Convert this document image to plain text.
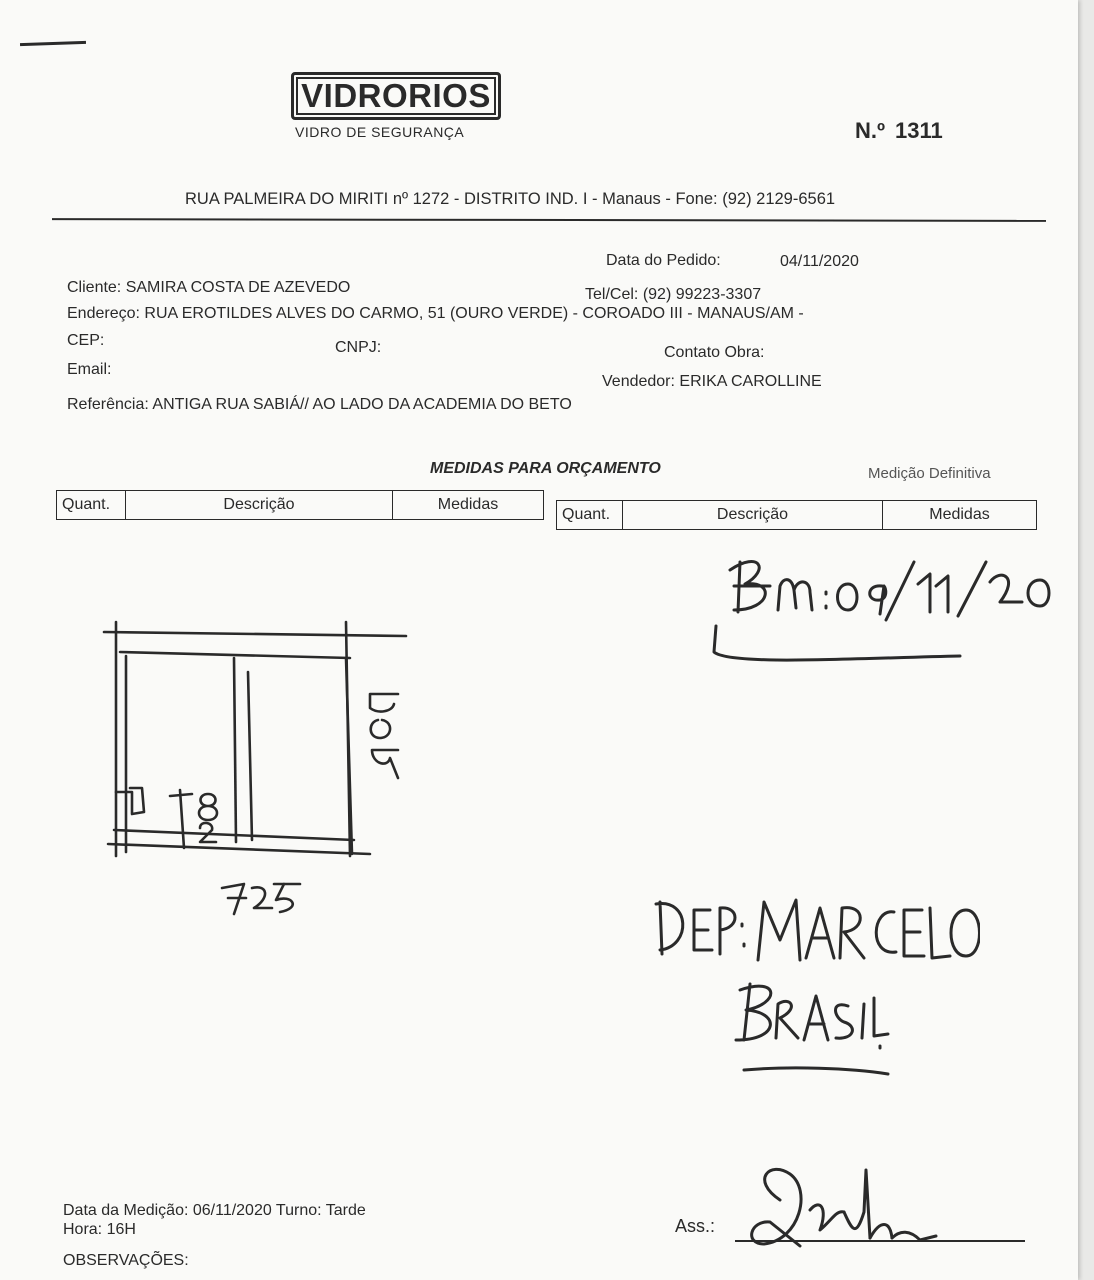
VIDRORIOS
VIDRO DE SEGURANÇA	N.º 1311
RUA PALMEIRA DO MIRITI nº 1272 - DISTRITO IND. I - Manaus - Fone: (92) 2129-6561
Data do Pedido:	04/11/2020
Cliente: SAMIRA COSTA DE AZEVEDO	Tel/Cel: (92) 99223-3307
Endereço: RUA EROTILDES ALVES DO CARMO, 51 (OURO VERDE) - COROADO III - MANAUS/AM -
CEP:	CNPJ:	Contato Obra:
Email:
Vendedor: ERIKA CAROLLINE
Referência: ANTIGA RUA SABIÁ// AO LADO DA ACADEMIA DO BETO
MEDIDAS PARA ORÇAMENTO	Medição Definitiva
Quant.	Descrição	Medidas
Quant.	Descrição	Medidas
Data da Medição: 06/11/2020 Turno: Tarde
Hora: 16H
OBSERVAÇÕES:
Ass.:
